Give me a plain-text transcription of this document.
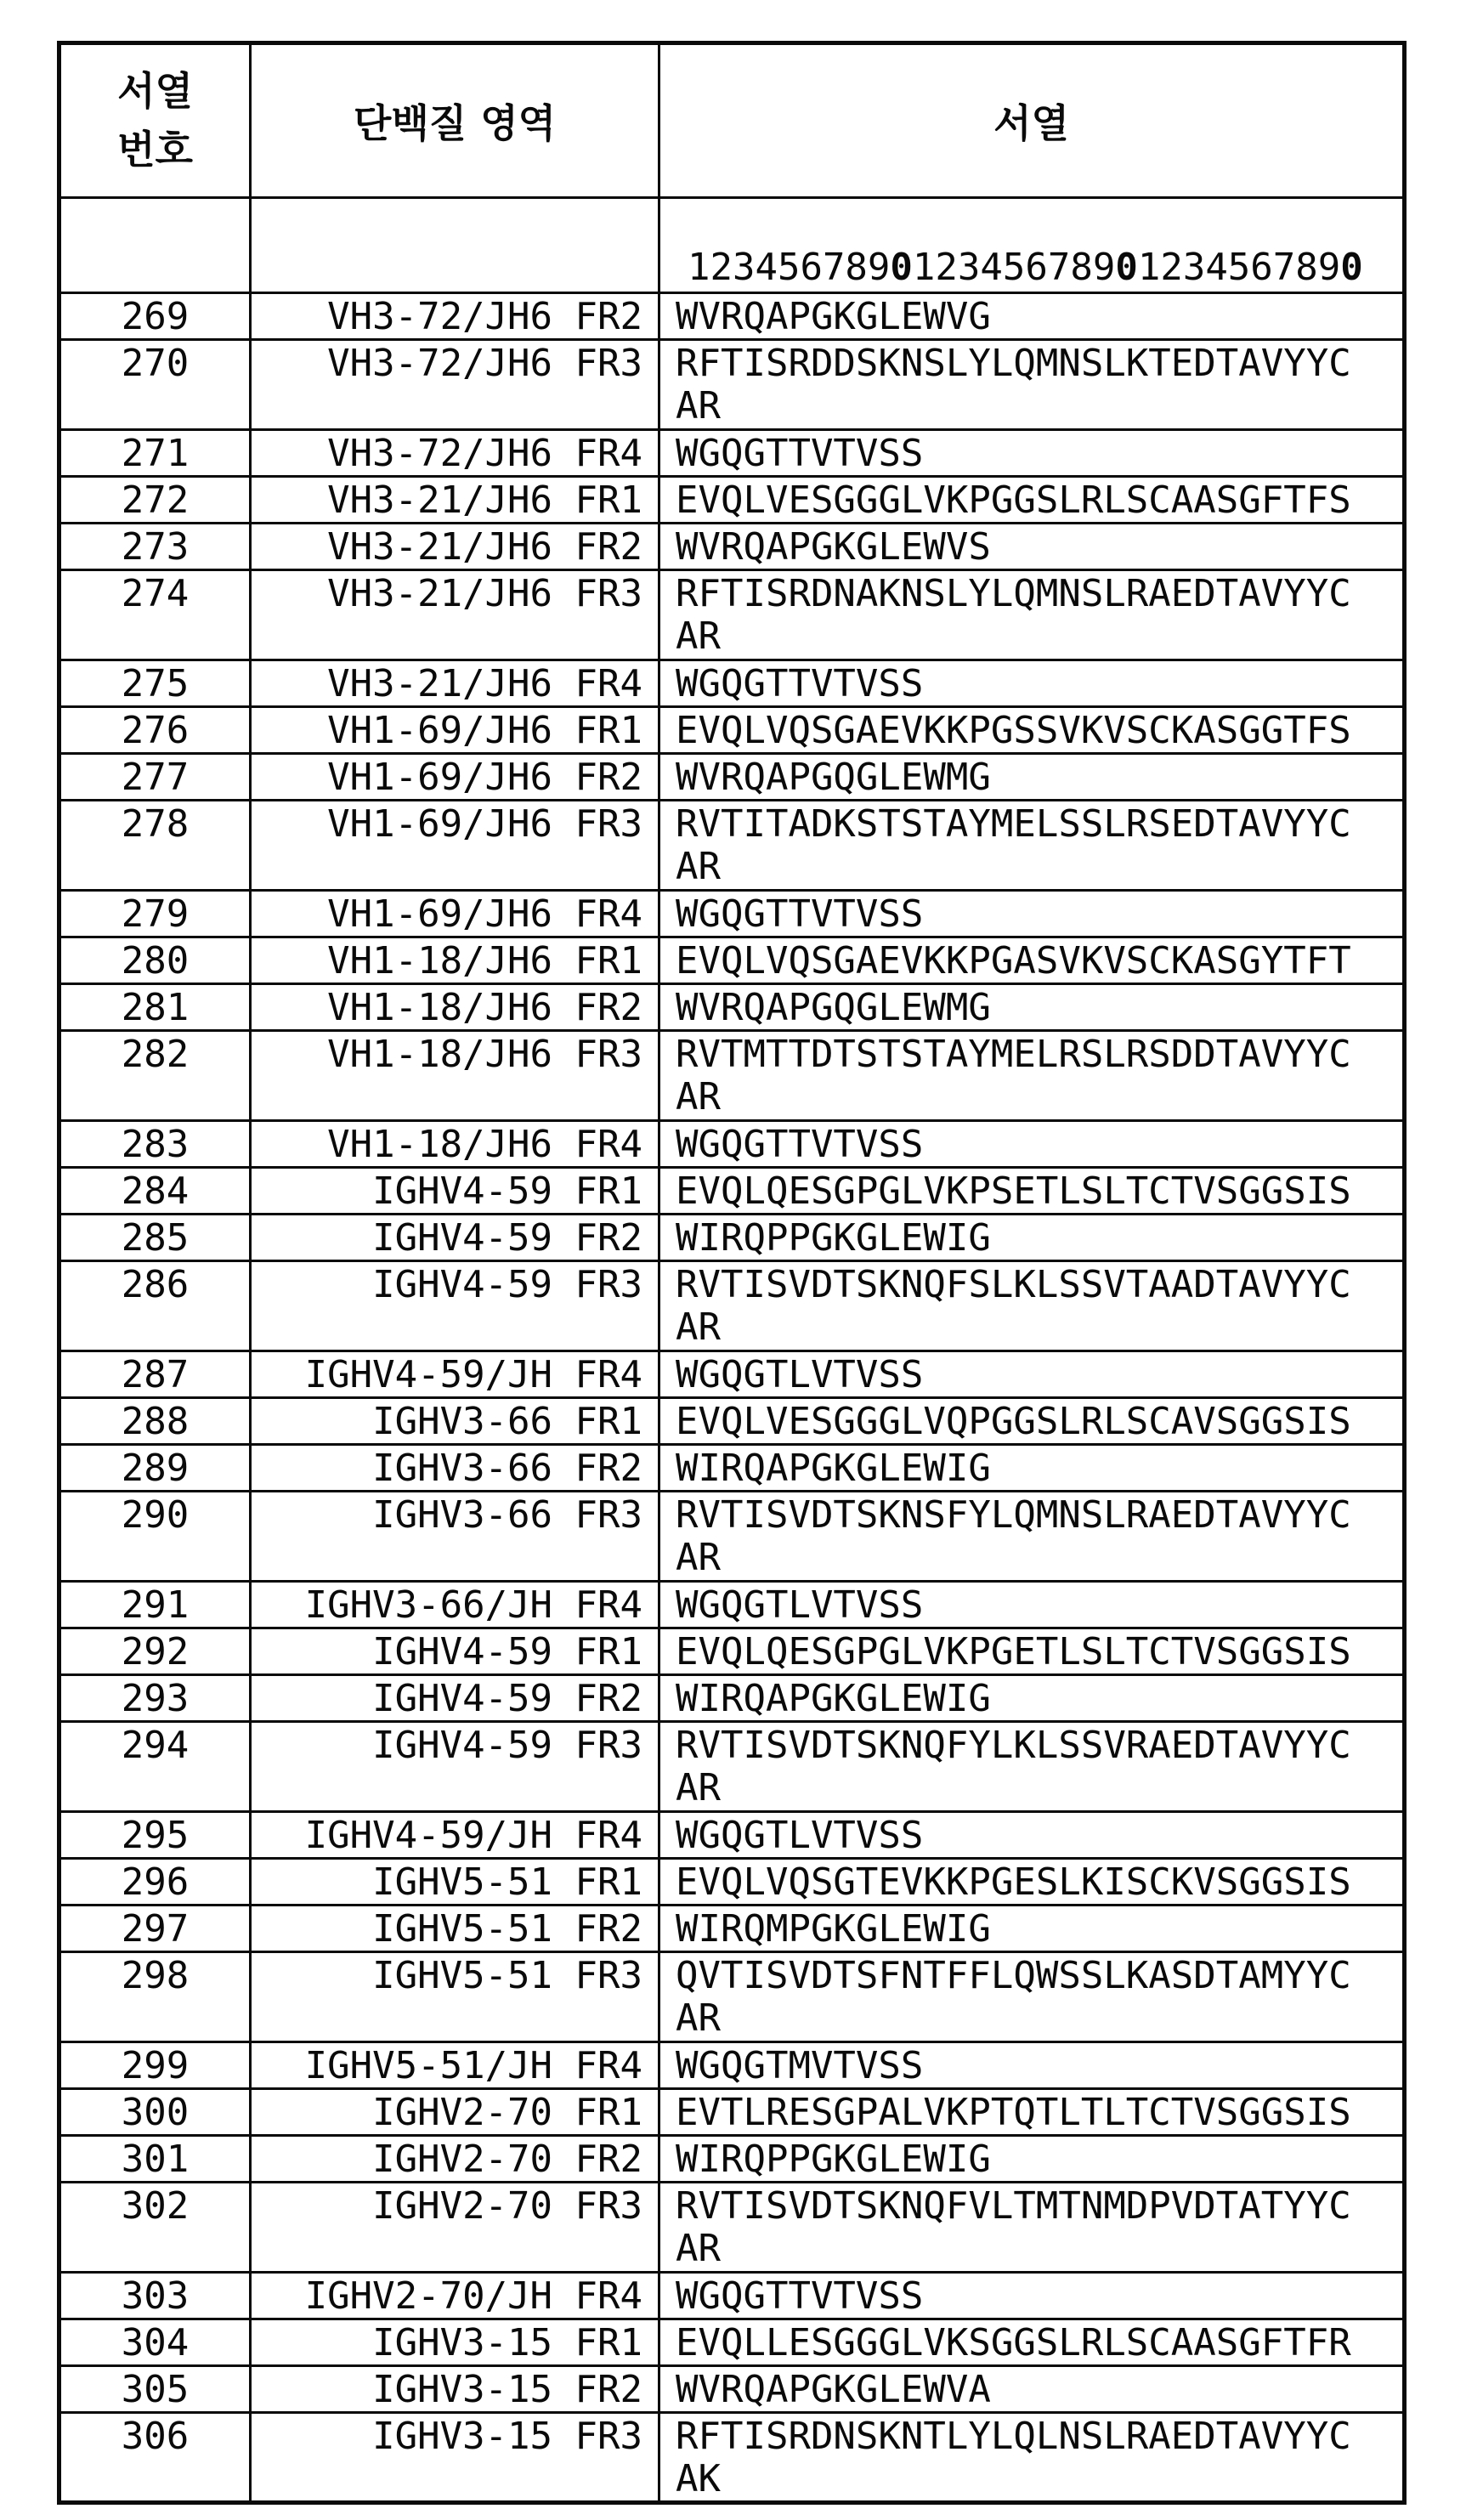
서열
번호	단백질 영역	서열
		123456789012345678901234567890
269	VH3-72/JH6 FR2	WVRQAPGKGLEWVG

270	VH3-72/JH6 FR3	RFTISRDDSKNSLYLQMNSLKTEDTAVYYC
AR

271	VH3-72/JH6 FR4	WGQGTTVTVSS

272	VH3-21/JH6 FR1	EVQLVESGGGLVKPGGSLRLSCAASGFTFS

273	VH3-21/JH6 FR2	WVRQAPGKGLEWVS

274	VH3-21/JH6 FR3	RFTISRDNAKNSLYLQMNSLRAEDTAVYYC
AR

275	VH3-21/JH6 FR4	WGQGTTVTVSS

276	VH1-69/JH6 FR1	EVQLVQSGAEVKKPGSSVKVSCKASGGTFS

277	VH1-69/JH6 FR2	WVRQAPGQGLEWMG

278	VH1-69/JH6 FR3	RVTITADKSTSTAYMELSSLRSEDTAVYYC
AR

279	VH1-69/JH6 FR4	WGQGTTVTVSS

280	VH1-18/JH6 FR1	EVQLVQSGAEVKKPGASVKVSCKASGYTFT

281	VH1-18/JH6 FR2	WVRQAPGQGLEWMG

282	VH1-18/JH6 FR3	RVTMTTDTSTSTAYMELRSLRSDDTAVYYC
AR

283	VH1-18/JH6 FR4	WGQGTTVTVSS

284	IGHV4-59 FR1	EVQLQESGPGLVKPSETLSLTCTVSGGSIS

285	IGHV4-59 FR2	WIRQPPGKGLEWIG

286	IGHV4-59 FR3	RVTISVDTSKNQFSLKLSSVTAADTAVYYC
AR

287	IGHV4-59/JH FR4	WGQGTLVTVSS

288	IGHV3-66 FR1	EVQLVESGGGLVQPGGSLRLSCAVSGGSIS

289	IGHV3-66 FR2	WIRQAPGKGLEWIG

290	IGHV3-66 FR3	RVTISVDTSKNSFYLQMNSLRAEDTAVYYC
AR

291	IGHV3-66/JH FR4	WGQGTLVTVSS

292	IGHV4-59 FR1	EVQLQESGPGLVKPGETLSLTCTVSGGSIS

293	IGHV4-59 FR2	WIRQAPGKGLEWIG

294	IGHV4-59 FR3	RVTISVDTSKNQFYLKLSSVRAEDTAVYYC
AR

295	IGHV4-59/JH FR4	WGQGTLVTVSS

296	IGHV5-51 FR1	EVQLVQSGTEVKKPGESLKISCKVSGGSIS

297	IGHV5-51 FR2	WIRQMPGKGLEWIG

298	IGHV5-51 FR3	QVTISVDTSFNTFFLQWSSLKASDTAMYYC
AR

299	IGHV5-51/JH FR4	WGQGTMVTVSS

300	IGHV2-70 FR1	EVTLRESGPALVKPTQTLTLTCTVSGGSIS

301	IGHV2-70 FR2	WIRQPPGKGLEWIG

302	IGHV2-70 FR3	RVTISVDTSKNQFVLTMTNMDPVDTATYYC
AR

303	IGHV2-70/JH FR4	WGQGTTVTVSS

304	IGHV3-15 FR1	EVQLLESGGGLVKSGGSLRLSCAASGFTFR

305	IGHV3-15 FR2	WVRQAPGKGLEWVA

306	IGHV3-15 FR3	RFTISRDNSKNTLYLQLNSLRAEDTAVYYC
AK
